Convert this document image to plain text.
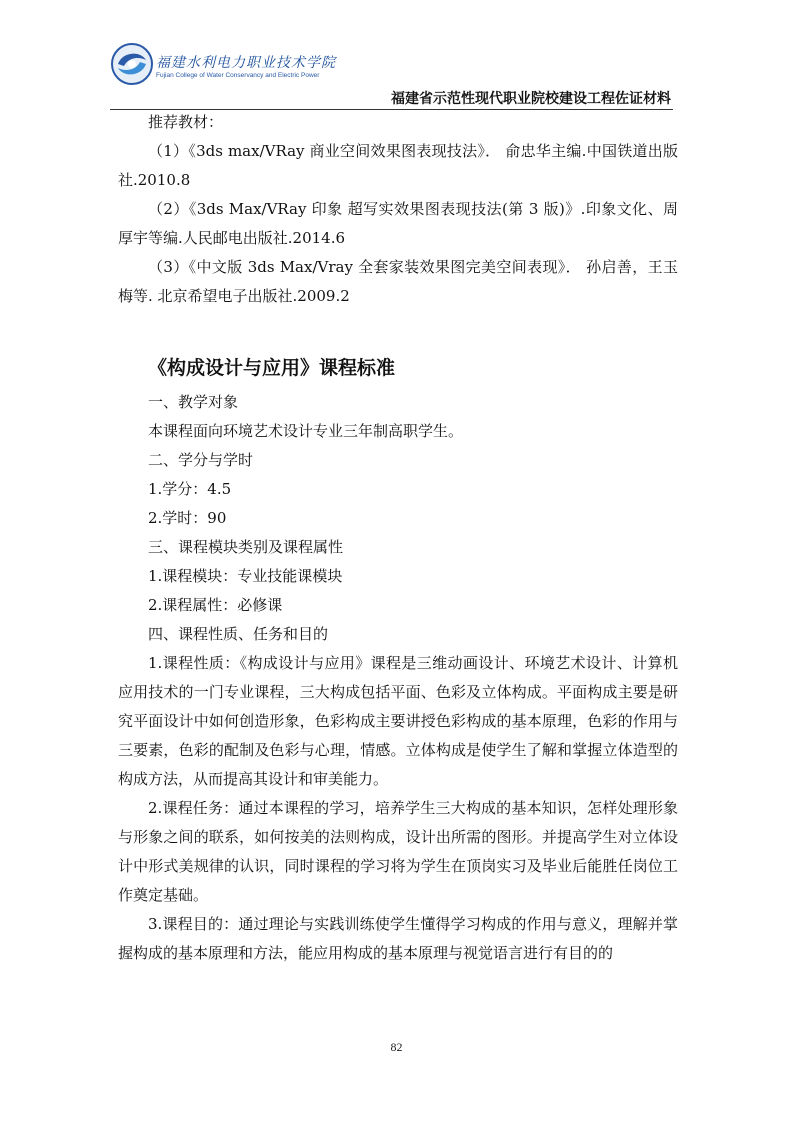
福建水利电力职业技术学院
Fujian College of Water Conservancy and Electric Power
福建省示范性现代职业院校建设工程佐证材料

推荐教材：

（1）《3ds max/VRay 商业空间效果图表现技法》． 俞忠华主编.中国铁道出版社.2010.8

（2）《3ds Max/VRay 印象 超写实效果图表现技法(第 3 版)》.印象文化、周厚宇等编.人民邮电出版社.2014.6

（3）《中文版 3ds Max/Vray 全套家装效果图完美空间表现》． 孙启善，王玉梅等. 北京希望电子出版社.2009.2

《构成设计与应用》课程标准

一、教学对象

本课程面向环境艺术设计专业三年制高职学生。

二、学分与学时

1.学分：4.5

2.学时：90

三、课程模块类别及课程属性

1.课程模块：专业技能课模块

2.课程属性：必修课

四、课程性质、任务和目的

1.课程性质：《构成设计与应用》课程是三维动画设计、环境艺术设计、计算机应用技术的一门专业课程，三大构成包括平面、色彩及立体构成。平面构成主要是研究平面设计中如何创造形象，色彩构成主要讲授色彩构成的基本原理，色彩的作用与三要素，色彩的配制及色彩与心理，情感。立体构成是使学生了解和掌握立体造型的构成方法，从而提高其设计和审美能力。

2.课程任务：通过本课程的学习，培养学生三大构成的基本知识，怎样处理形象与形象之间的联系，如何按美的法则构成，设计出所需的图形。并提高学生对立体设计中形式美规律的认识，同时课程的学习将为学生在顶岗实习及毕业后能胜任岗位工作奠定基础。

3.课程目的：通过理论与实践训练使学生懂得学习构成的作用与意义，理解并掌握构成的基本原理和方法，能应用构成的基本原理与视觉语言进行有目的的

82
